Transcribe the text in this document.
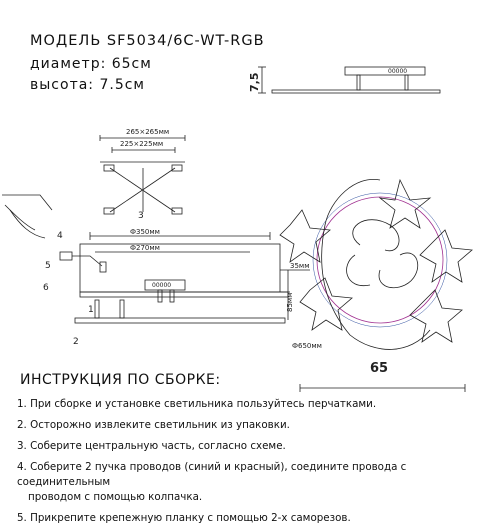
МОДЕЛЬ SF5034/6C-WT-RGB
диаметр: 65см
высота: 7.5см	7,5
65
265×265мм
225×225мм
Ф350мм
Ф270мм
35мм
85мм
Ф650мм
00000
00000
1
2
3
4
5
6
ИНСТРУКЦИЯ ПО СБОРКЕ:
1. При сборке и установке светильника пользуйтесь перчатками.
2. Осторожно извлеките светильник из упаковки.
3. Соберите центральную часть, согласно схеме.
4. Соберите 2 пучка проводов (синий и красный), соедините провода с соединительным
проводом с помощью колпачка.
5. Прикрепите крепежную планку с помощью 2-х саморезов.
